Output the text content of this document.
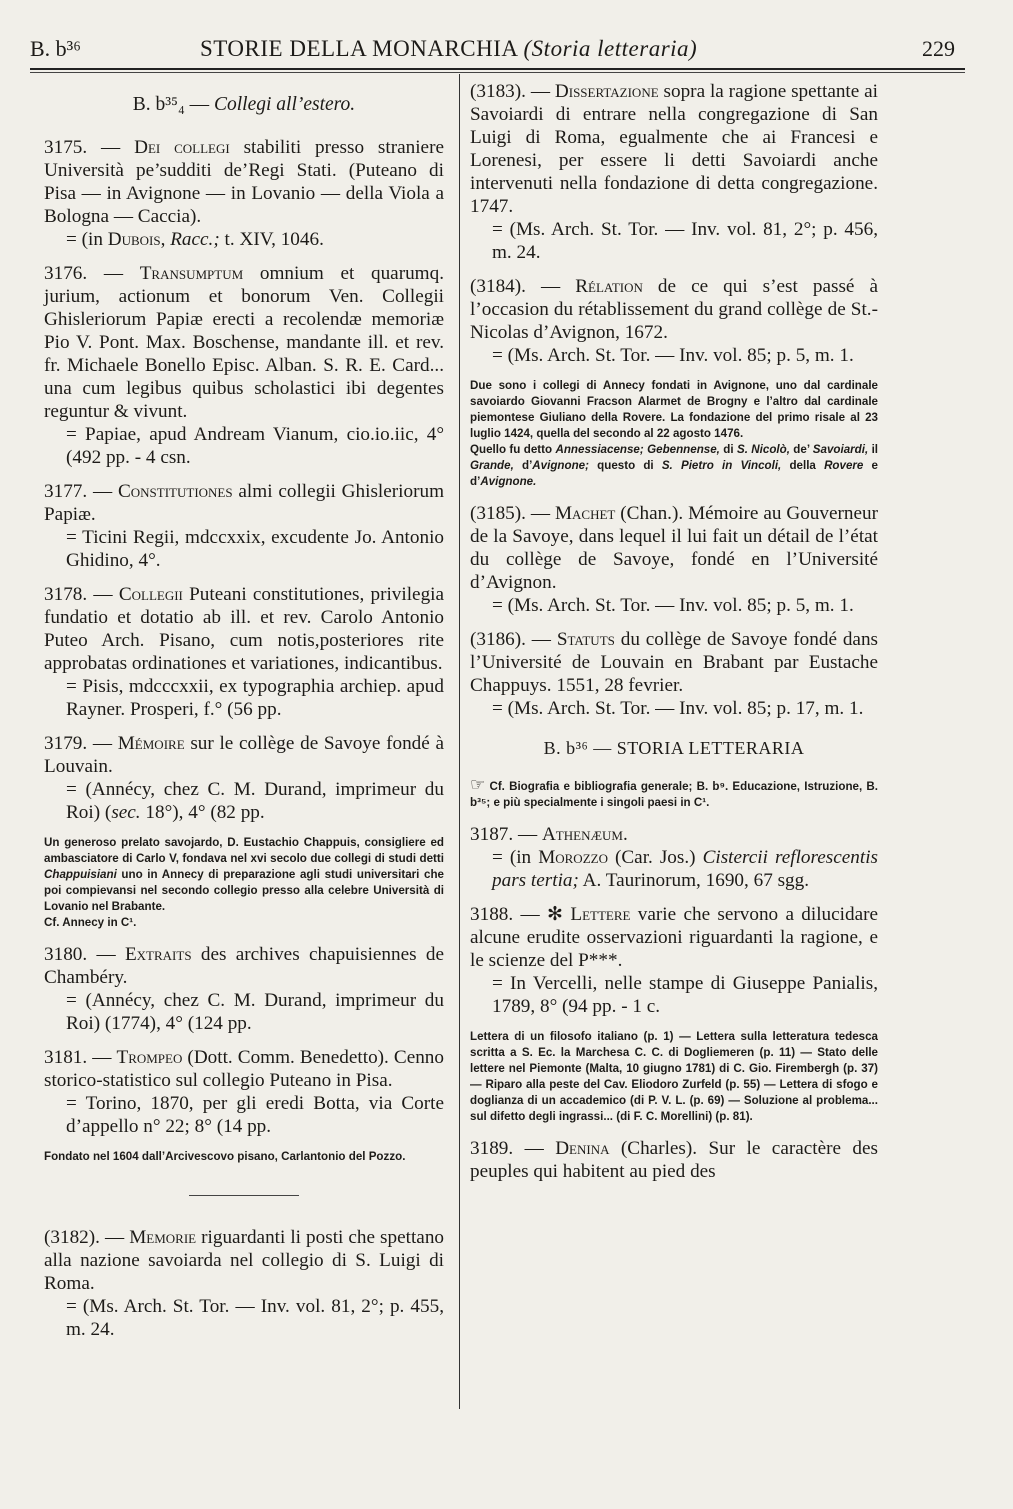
B. b³⁶	STORIE DELLA MONARCHIA (Storia letteraria)	229
B. b³⁵₄ — Collegi all’estero.

3175. — Dei collegi stabiliti presso straniere Università pe’sudditi de’Regi Stati. (Puteano di Pisa — in Avignone — in Lovanio — della Viola a Bologna — Caccia).
= (in Dubois, Racc.; t. XIV, 1046.

3176. — Transumptum omnium et quarumq. jurium, actionum et bonorum Ven. Collegii Ghisleriorum Papiæ erecti a recolendæ memoriæ Pio V. Pont. Max. Boschense, mandante ill. et rev. fr. Michaele Bonello Episc. Alban. S. R. E. Card... una cum legibus quibus scholastici ibi degentes reguntur & vivunt.
= Papiae, apud Andream Vianum, cio.io.iic, 4° (492 pp. - 4 csn.

3177. — Constitutiones almi collegii Ghisleriorum Papiæ.
= Ticini Regii, mdccxxix, excudente Jo. Antonio Ghidino, 4°.

3178. — Collegii Puteani constitutiones, privilegia fundatio et dotatio ab ill. et rev. Carolo Antonio Puteo Arch. Pisano, cum notis,posteriores rite approbatas ordinationes et variationes, indicantibus.
= Pisis, mdcccxxii, ex typographia archiep. apud Rayner. Prosperi, f.° (56 pp.

3179. — Mémoire sur le collège de Savoye fondé à Louvain.
= (Annécy, chez C. M. Durand, imprimeur du Roi) (sec. 18°), 4° (82 pp.

Un generoso prelato savojardo, D. Eustachio Chappuis, consigliere ed ambasciatore di Carlo V, fondava nel xvi secolo due collegi di studi detti Chappuisiani uno in Annecy di preparazione agli studi universitari che poi compievansi nel secondo collegio presso alla celebre Università di Lovanio nel Brabante.
Cf. Annecy in C¹.

3180. — Extraits des archives chapuisiennes de Chambéry.
= (Annécy, chez C. M. Durand, imprimeur du Roi) (1774), 4° (124 pp.

3181. — Trompeo (Dott. Comm. Benedetto). Cenno storico-statistico sul collegio Puteano in Pisa.
= Torino, 1870, per gli eredi Botta, via Corte d’appello n° 22; 8° (14 pp.

Fondato nel 1604 dall’Arcivescovo pisano, Carlantonio del Pozzo.

(3182). — Memorie riguardanti li posti che spettano alla nazione savoiarda nel collegio di S. Luigi di Roma.
= (Ms. Arch. St. Tor. — Inv. vol. 81, 2°; p. 455, m. 24.

(3183). — Dissertazione sopra la ragione spettante ai Savoiardi di entrare nella congregazione di San Luigi di Roma, egualmente che ai Francesi e Lorenesi, per essere li detti Savoiardi anche intervenuti nella fondazione di detta congregazione. 1747.
= (Ms. Arch. St. Tor. — Inv. vol. 81, 2°; p. 456, m. 24.

(3184). — Rélation de ce qui s’est passé à l’occasion du rétablissement du grand collège de St.-Nicolas d’Avignon, 1672.
= (Ms. Arch. St. Tor. — Inv. vol. 85; p. 5, m. 1.

Due sono i collegi di Annecy fondati in Avignone, uno dal cardinale savoiardo Giovanni Fracson Alarmet de Brogny e l’altro dal cardinale piemontese Giuliano della Rovere. La fondazione del primo risale al 23 luglio 1424, quella del secondo al 22 agosto 1476.
Quello fu detto Annessiacense; Gebennense, di S. Nicolò, de’ Savoiardi, il Grande, d’Avignone; questo di S. Pietro in Vincoli, della Rovere e d’Avignone.

(3185). — Machet (Chan.). Mémoire au Gouverneur de la Savoye, dans lequel il lui fait un détail de l’état du collège de Savoye, fondé en l’Université d’Avignon.
= (Ms. Arch. St. Tor. — Inv. vol. 85; p. 5, m. 1.

(3186). — Statuts du collège de Savoye fondé dans l’Université de Louvain en Brabant par Eustache Chappuys. 1551, 28 fevrier.
= (Ms. Arch. St. Tor. — Inv. vol. 85; p. 17, m. 1.

B. b³⁶ — STORIA LETTERARIA

☞ Cf. Biografia e bibliografia generale; B. b⁹. Educazione, Istruzione, B. b³⁵; e più specialmente i singoli paesi in C¹.

3187. — Athenæum.
= (in Morozzo (Car. Jos.) Cistercii reflorescentis pars tertia; A. Taurinorum, 1690, 67 sgg.

3188. — ✻ Lettere varie che servono a dilucidare alcune erudite osservazioni riguardanti la ragione, e le scienze del P***.
= In Vercelli, nelle stampe di Giuseppe Panialis, 1789, 8° (94 pp. - 1 c.

Lettera di un filosofo italiano (p. 1) — Lettera sulla letteratura tedesca scritta a S. Ec. la Marchesa C. C. di Dogliemeren (p. 11) — Stato delle lettere nel Piemonte (Malta, 10 giugno 1781) di C. Gio. Firembergh (p. 37) — Riparo alla peste del Cav. Eliodoro Zurfeld (p. 55) — Lettera di sfogo e doglianza di un accademico (di P. V. L. (p. 69) — Soluzione al problema... sul difetto degli ingrassi... (di F. C. Morellini) (p. 81).

3189. — Denina (Charles). Sur le caractère des peuples qui habitent au pied des
